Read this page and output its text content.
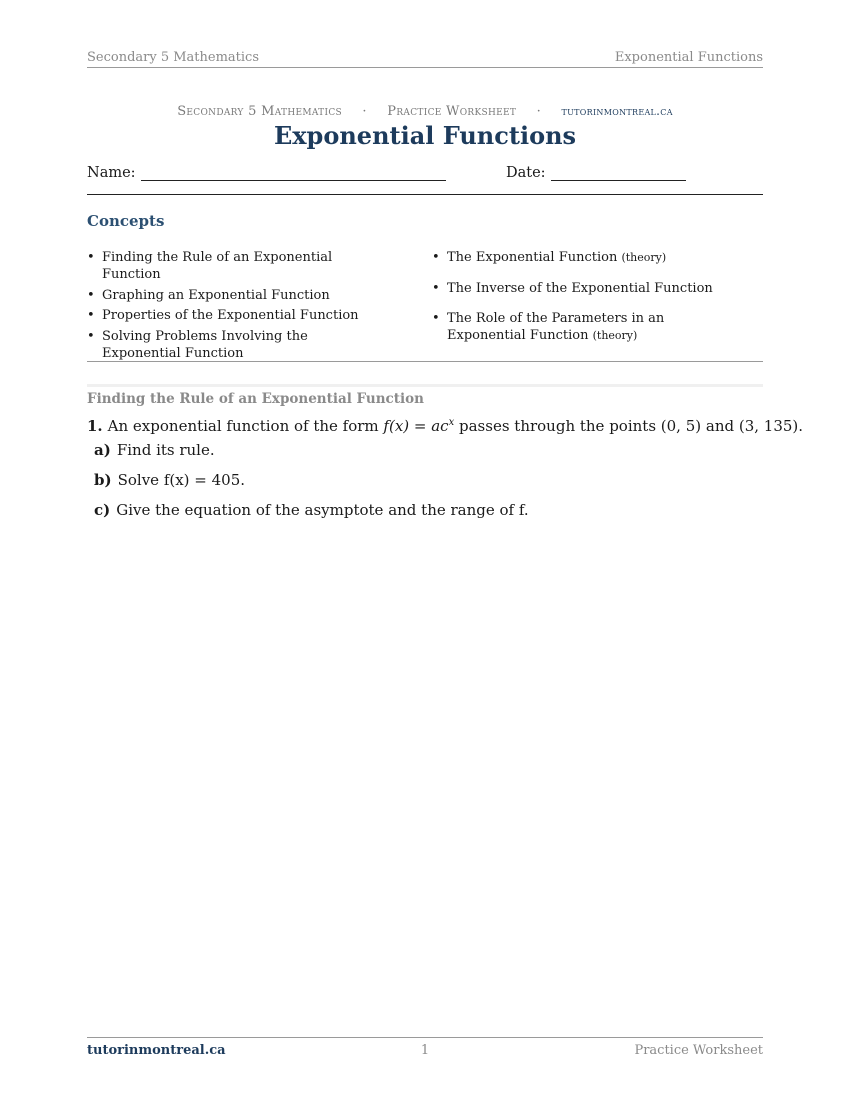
Secondary 5 Mathematics	Exponential Functions
Secondary 5 Mathematics · Practice Worksheet · tutorinmontreal.ca
Exponential Functions
Name:	Date:
Concepts
• Finding the Rule of an Exponential Function
• Graphing an Exponential Function
• Properties of the Exponential Function
• Solving Problems Involving the Exponential Function
• The Exponential Function (theory)
• The Inverse of the Exponential Function
• The Role of the Parameters in an Exponential Function (theory)
Finding the Rule of an Exponential Function
1. An exponential function of the form $f(x) = ac^x$ passes through the points (0, 5) and (3, 135).
a) Find its rule.
b) Solve f(x) = 405.
c) Give the equation of the asymptote and the range of f.
tutorinmontreal.ca	1	Practice Worksheet
